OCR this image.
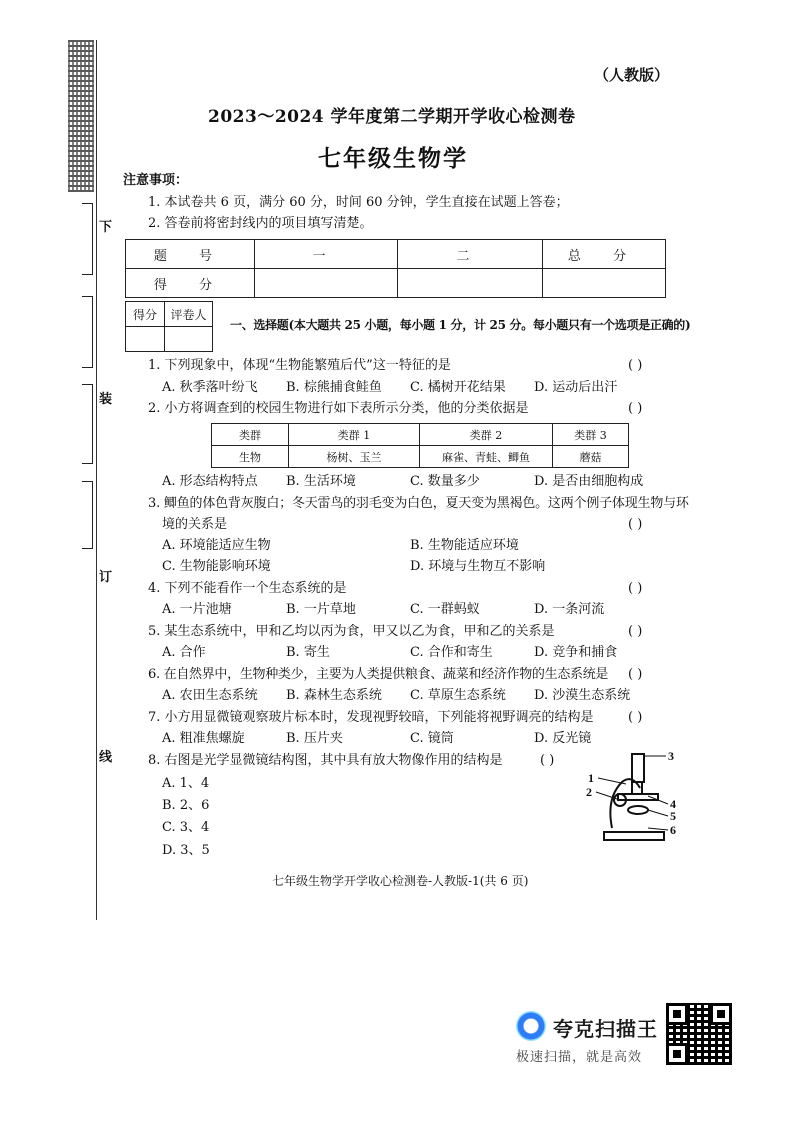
下
装
订
线
（人教版）
2023～2024 学年度第二学期开学收心检测卷
七年级生物学
注意事项：
1. 本试卷共 6 页，满分 60 分，时间 60 分钟，学生直接在试题上答卷；
2. 答卷前将密封线内的项目填写清楚。
题 号	一	二	总 分
得 分			
得分	评卷人

一、选择题(本大题共 25 小题，每小题 1 分，计 25 分。每小题只有一个选项是正确的)
1. 下列现象中，体现“生物能繁殖后代”这一特征的是	( )
A. 秋季落叶纷飞 B. 棕熊捕食鲑鱼 C. 橘树开花结果 D. 运动后出汗
2. 小方将调查到的校园生物进行如下表所示分类，他的分类依据是	( )
类群	类群 1	类群 2	类群 3
生物	杨树、玉兰	麻雀、青蛙、鲫鱼	蘑菇
A. 形态结构特点 B. 生活环境	C. 数量多少	D. 是否由细胞构成
3. 鲫鱼的体色背灰腹白；冬天雷鸟的羽毛变为白色，夏天变为黑褐色。这两个例子体现生物与环
境的关系是	( )
A. 环境能适应生物	B. 生物能适应环境
C. 生物能影响环境	D. 环境与生物互不影响
4. 下列不能看作一个生态系统的是	( )
A. 一片池塘	B. 一片草地	C. 一群蚂蚁	D. 一条河流
5. 某生态系统中，甲和乙均以丙为食，甲又以乙为食，甲和乙的关系是	( )
A. 合作	B. 寄生	C. 合作和寄生	D. 竞争和捕食
6. 在自然界中，生物种类少，主要为人类提供粮食、蔬菜和经济作物的生态系统是 ( )
A. 农田生态系统 B. 森林生态系统 C. 草原生态系统 D. 沙漠生态系统
7. 小方用显微镜观察玻片标本时，发现视野较暗，下列能将视野调亮的结构是	( )
A. 粗准焦螺旋	B. 压片夹	C. 镜筒	D. 反光镜
8. 右图是光学显微镜结构图，其中具有放大物像作用的结构是	( )
A. 1、4
B. 2、6
C. 3、4
D. 3、5
3
1
2
4
5
6
七年级生物学开学收心检测卷-人教版-1(共 6 页)
夸克扫描王
极速扫描，就是高效
